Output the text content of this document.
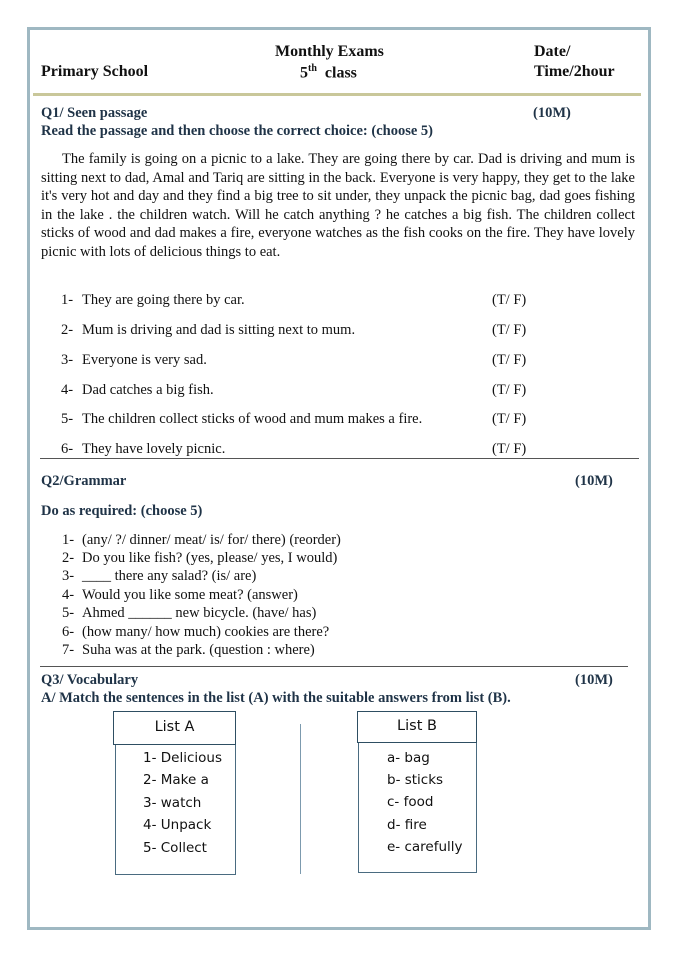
Primary School
Monthly Exams
5th class
Date/
Time/2hour
Q1/ Seen passage	(10M)
Read the passage and then choose the correct choice: (choose 5)

The family is going on a picnic to a lake. They are going there by car. Dad is driving and mum is sitting next to dad, Amal and Tariq are sitting in the back. Everyone is very happy, they get to the lake it's very hot and day and they find a big tree to sit under, they unpack the picnic bag, dad goes fishing in the lake . the children watch. Will he catch anything ? he catches a big fish. The children collect sticks of wood and dad makes a fire, everyone watches as the fish cooks on the fire. They have lovely picnic with lots of delicious things to eat.

1- They are going there by car.	(T/ F)
2- Mum is driving and dad is sitting next to mum.	(T/ F)
3- Everyone is very sad.	(T/ F)
4- Dad catches a big fish.	(T/ F)
5- The children collect sticks of wood and mum makes a fire.	(T/ F)
6- They have lovely picnic.	(T/ F)
Q2/Grammar	(10M)
Do as required: (choose 5)
1- (any/ ?/ dinner/ meat/ is/ for/ there) (reorder)
2- Do you like fish? (yes, please/ yes, I would)
3- ____ there any salad? (is/ are)
4- Would you like some meat? (answer)
5- Ahmed ______ new bicycle. (have/ has)
6- (how many/ how much) cookies are there?
7- Suha was at the park. (question : where)
Q3/ Vocabulary	(10M)
A/ Match the sentences in the list (A) with the suitable answers from list (B).
List A
1- Delicious
2- Make a
3- watch
4- Unpack
5- Collect
List B
a- bag
b- sticks
c- food
d- fire
e- carefully
